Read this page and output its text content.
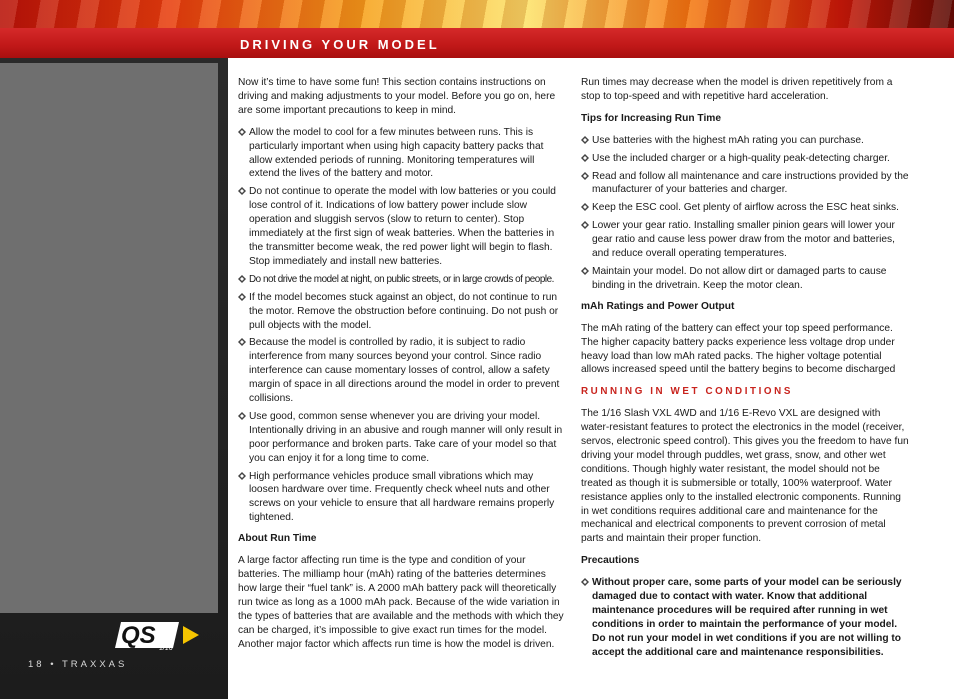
DRIVING YOUR MODEL
QS 1/16
18 • TRAXXAS

Now it’s time to have some fun! This section contains instructions on driving and making adjustments to your model. Before you go on, here are some important precautions to keep in mind.

Allow the model to cool for a few minutes between runs. This is particularly important when using high capacity battery packs that allow extended periods of running. Monitoring temperatures will extend the lives of the battery and motor.
Do not continue to operate the model with low batteries or you could lose control of it. Indications of low battery power include slow operation and sluggish servos (slow to return to center). Stop immediately at the first sign of weak batteries. When the batteries in the transmitter become weak, the red power light will begin to flash. Stop immediately and install new batteries.
Do not drive the model at night, on public streets, or in large crowds of people.
If the model becomes stuck against an object, do not continue to run the motor. Remove the obstruction before continuing. Do not push or pull objects with the model.
Because the model is controlled by radio, it is subject to radio interference from many sources beyond your control. Since radio interference can cause momentary losses of control, allow a safety margin of space in all directions around the model in order to prevent collisions.
Use good, common sense whenever you are driving your model. Intentionally driving in an abusive and rough manner will only result in poor performance and broken parts. Take care of your model so that you can enjoy it for a long time to come.
High performance vehicles produce small vibrations which may loosen hardware over time. Frequently check wheel nuts and other screws on your vehicle to ensure that all hardware remains properly tightened.

About Run Time

A large factor affecting run time is the type and condition of your batteries. The milliamp hour (mAh) rating of the batteries determines how large their “fuel tank” is. A 2000 mAh battery pack will theoretically run twice as long as a 1000 mAh pack. Because of the wide variation in the types of batteries that are available and the methods with which they can be charged, it’s impossible to give exact run times for the model. Another major factor which affects run time is how the model is driven.

Run times may decrease when the model is driven repetitively from a stop to top-speed and with repetitive hard acceleration.

Tips for Increasing Run Time

Use batteries with the highest mAh rating you can purchase.
Use the included charger or a high-quality peak-detecting charger.
Read and follow all maintenance and care instructions provided by the manufacturer of your batteries and charger.
Keep the ESC cool. Get plenty of airflow across the ESC heat sinks.
Lower your gear ratio. Installing smaller pinion gears will lower your gear ratio and cause less power draw from the motor and batteries, and reduce overall operating temperatures.
Maintain your model. Do not allow dirt or damaged parts to cause binding in the drivetrain. Keep the motor clean.

mAh Ratings and Power Output

The mAh rating of the battery can effect your top speed performance. The higher capacity battery packs experience less voltage drop under heavy load than low mAh rated packs. The higher voltage potential allows increased speed until the battery begins to become discharged

RUNNING IN WET CONDITIONS

The 1/16 Slash VXL 4WD and 1/16 E-Revo VXL are designed with water-resistant features to protect the electronics in the model (receiver, servos, electronic speed control). This gives you the freedom to have fun driving your model through puddles, wet grass, snow, and other wet conditions. Though highly water resistant, the model should not be treated as though it is submersible or totally, 100% waterproof. Water resistance applies only to the installed electronic components. Running in wet conditions requires additional care and maintenance for the mechanical and electrical components to prevent corrosion of metal parts and maintain their proper function.

Precautions

Without proper care, some parts of your model can be seriously damaged due to contact with water. Know that additional maintenance procedures will be required after running in wet conditions in order to maintain the performance of your model. Do not run your model in wet conditions if you are not willing to accept the additional care and maintenance responsibilities.
